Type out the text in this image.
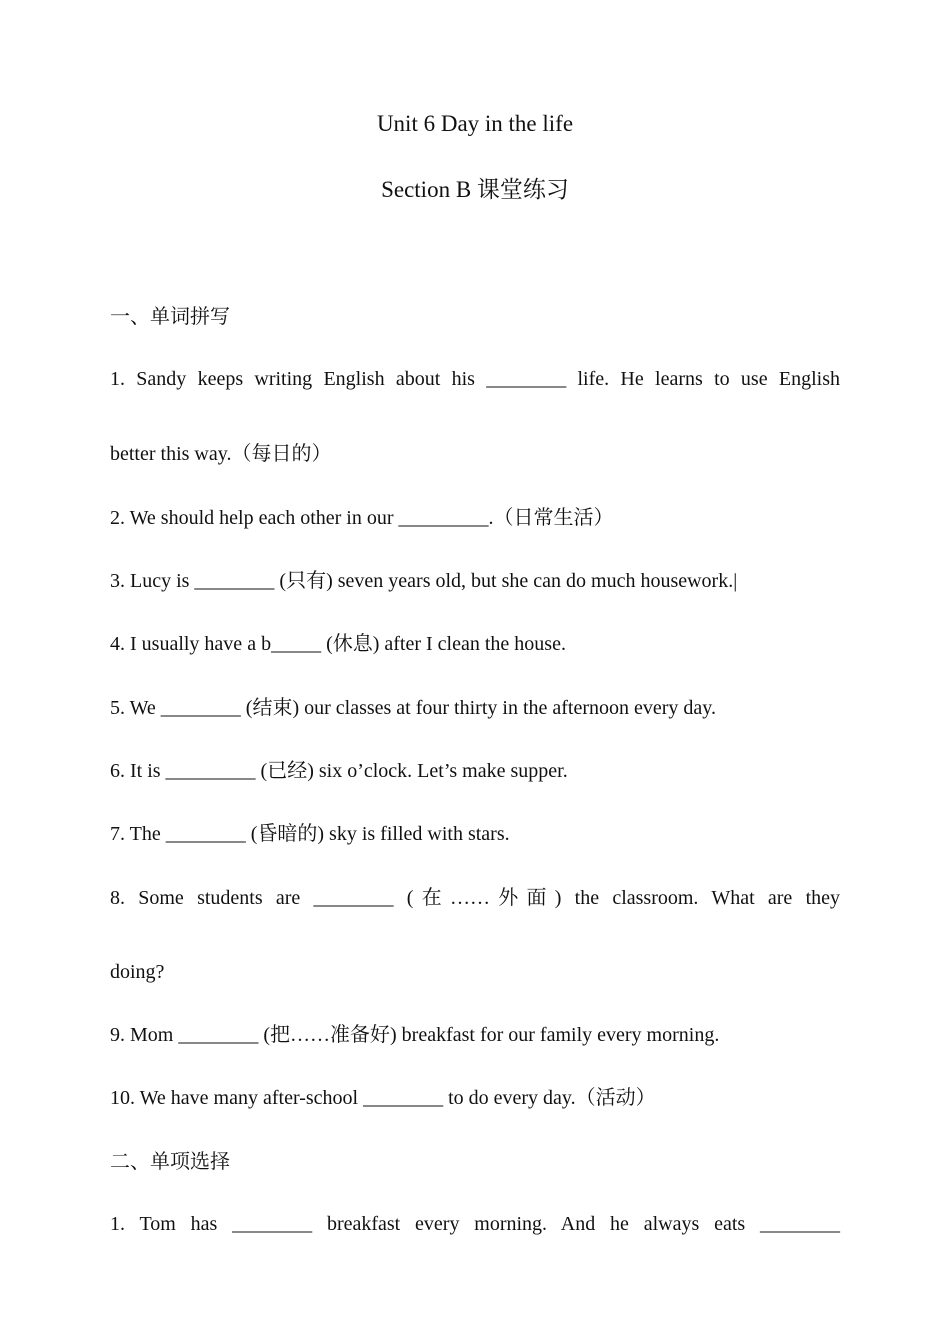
Unit 6 Day in the life
Section B 课堂练习
一、单词拼写
1. Sandy keeps writing English about his ________ life. He learns to use English
better this way.（每日的）
2. We should help each other in our _________.（日常生活）
3. Lucy is ________ (只有) seven years old, but she can do much housework.|
4. I usually have a b_____ (休息) after I clean the house.
5. We ________ (结束) our classes at four thirty in the afternoon every day.
6. It is _________ (已经) six o’clock. Let’s make supper.
7. The ________ (昏暗的) sky is filled with stars.
8. Some students are ________ (在……外面) the classroom. What are they
doing?
9. Mom ________ (把……准备好) breakfast for our family every morning.
10. We have many after-school ________ to do every day.（活动）
二、单项选择
1. Tom has ________ breakfast every morning. And he always eats ________
